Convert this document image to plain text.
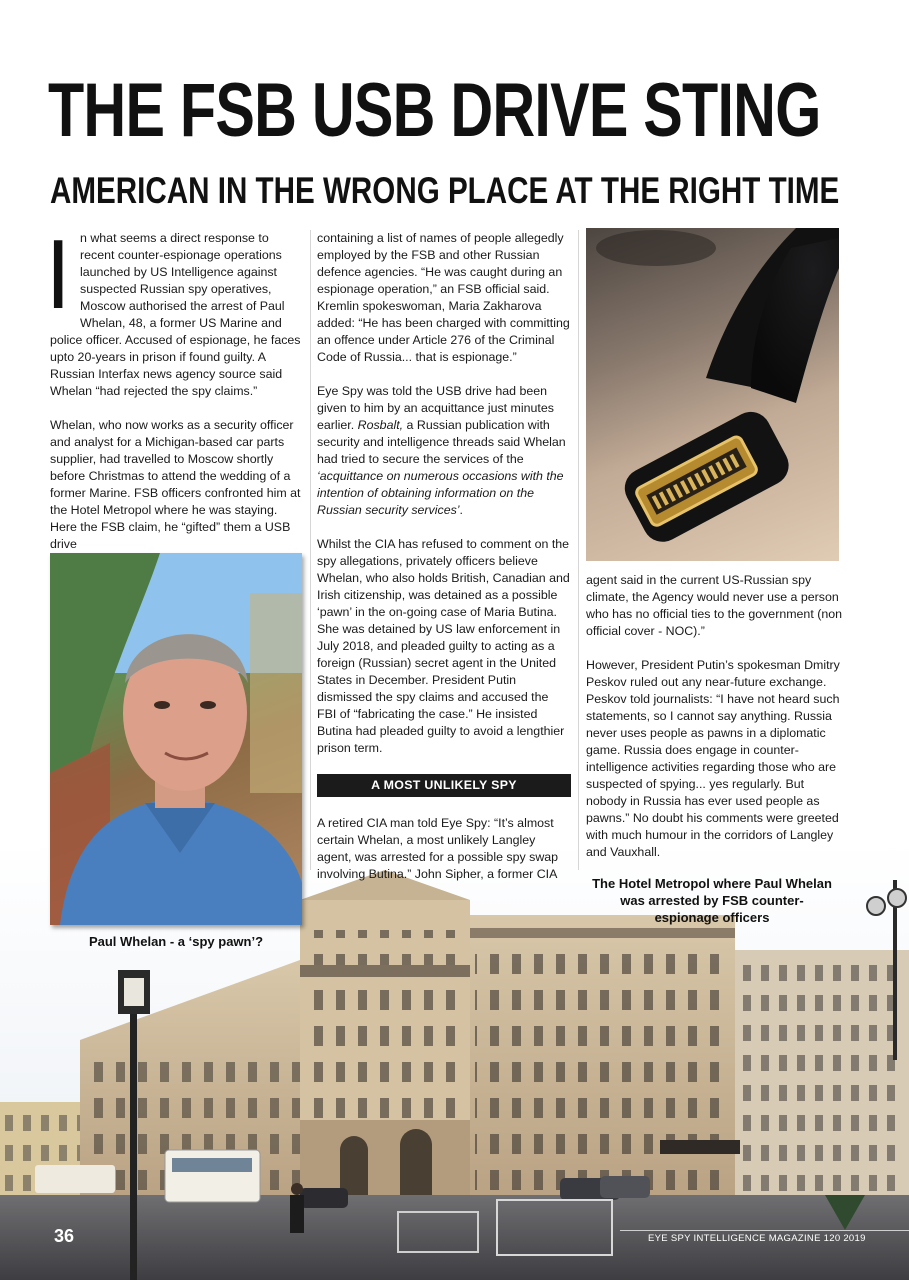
THE FSB USB DRIVE STING
AMERICAN IN THE WRONG PLACE AT THE RIGHT TIME

I n what seems a direct response to recent counter-espionage operations launched by US Intelligence against suspected Russian spy operatives, Moscow authorised the arrest of Paul Whelan, 48, a former US Marine and police officer. Accused of espionage, he faces upto 20-years in prison if found guilty. A Russian Interfax news agency source said Whelan “had rejected the spy claims.”

Whelan, who now works as a security officer and analyst for a Michigan-based car parts supplier, had travelled to Moscow shortly before Christmas to attend the wedding of a former Marine. FSB officers confronted him at the Hotel Metropol where he was staying. Here the FSB claim, he “gifted” them a USB drive

containing a list of names of people allegedly employed by the FSB and other Russian defence agencies. “He was caught during an espionage operation,” an FSB official said. Kremlin spokeswoman, Maria Zakharova added: “He has been charged with committing an offence under Article 276 of the Criminal Code of Russia... that is espionage.”

Eye Spy was told the USB drive had been given to him by an acquittance just minutes earlier. Rosbalt, a Russian publication with security and intelligence threads said Whelan had tried to secure the services of the ‘acquittance on numerous occasions with the intention of obtaining information on the Russian security services’.

Whilst the CIA has refused to comment on the spy allegations, privately officers believe Whelan, who also holds British, Canadian and Irish citizenship, was detained as a possible ‘pawn’ in the on-going case of Maria Butina. She was detained by US law enforcement in July 2018, and pleaded guilty to acting as a foreign (Russian) secret agent in the United States in December. President Putin dismissed the spy claims and accused the FBI of “fabricating the case.” He insisted Butina had pleaded guilty to avoid a lengthier prison term.

A MOST UNLIKELY SPY

A retired CIA man told Eye Spy: “It’s almost certain Whelan, a most unlikely Langley agent, was arrested for a possible spy swap involving Butina.” John Sipher, a former CIA

agent said in the current US-Russian spy climate, the Agency would never use a person who has no official ties to the government (non official cover - NOC).”

However, President Putin’s spokesman Dmitry Peskov ruled out any near-future exchange. Peskov told journalists: “I have not heard such statements, so I cannot say anything. Russia never uses people as pawns in a diplomatic game. Russia does engage in counter-intelligence activities regarding those who are suspected of spying... yes regularly. But nobody in Russia has ever used people as pawns.” No doubt his comments were greeted with much humour in the corridors of Langley and Vauxhall.

Paul Whelan - a ‘spy pawn’?
The Hotel Metropol where Paul Whelan was arrested by FSB counter-espionage officers
36	EYE SPY INTELLIGENCE MAGAZINE 120 2019
